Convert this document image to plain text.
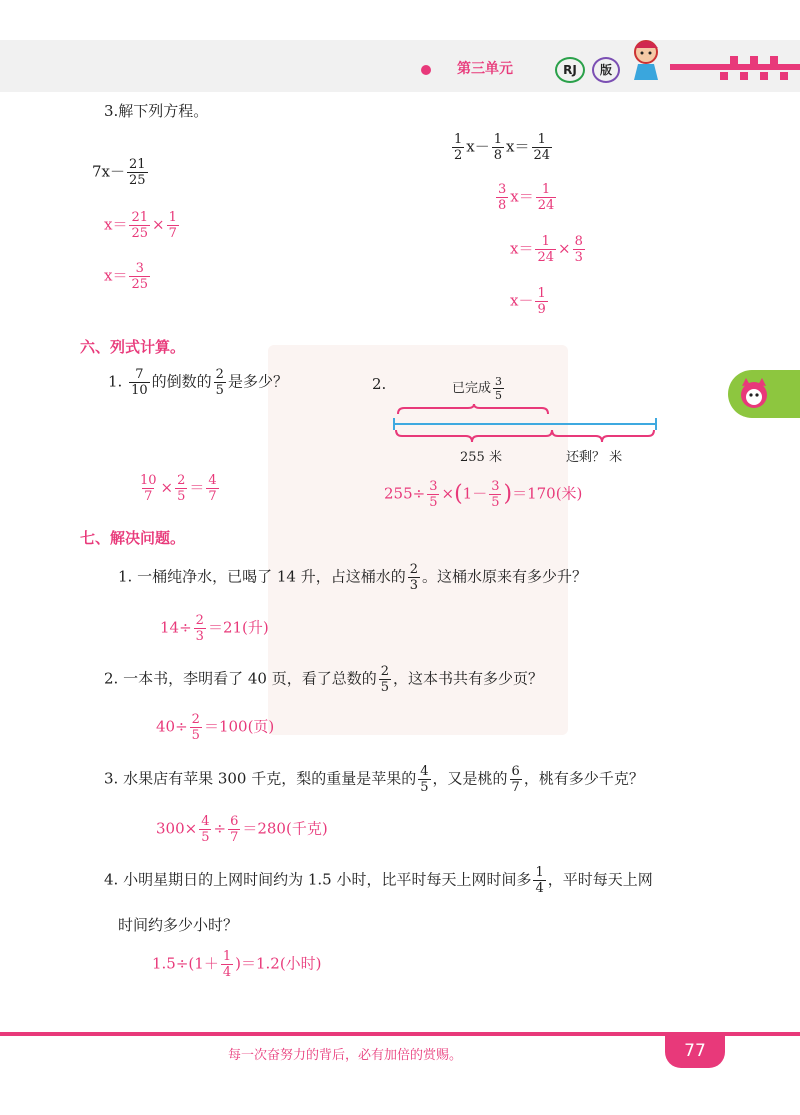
第三单元	RJ	版
3.解下列方程。
$7x- \frac{21}{25}$
$x= \frac{21}{25} \times \frac{1}{7}$
$x= \frac{3}{25}$
$\frac{1}{2} x- \frac{1}{8} x= \frac{1}{24}$
$\frac{3}{8} x= \frac{1}{24}$
$x= \frac{1}{24} \times \frac{8}{3}$
$x- \frac{1}{9}$
六、列式计算。
1. $\frac{7}{10}$ 的倒数的 $\frac{2}{5}$ 是多少？
$\frac{10}{7} \times \frac{2}{5} = \frac{4}{7}$
2.	已完成 $\frac{3}{5}$
255 米	还剩？ 米
$255\div \frac{3}{5} \times(1- \frac{3}{5} )=170$(米)
七、解决问题。
1. 一桶纯净水，已喝了 14 升，占这桶水的 $\frac{2}{3}$ 。这桶水原来有多少升？
$14\div \frac{2}{3} =21$(升)
2. 一本书，李明看了 40 页，看了总数的 $\frac{2}{5}$ ，这本书共有多少页？
$40\div \frac{2}{5} =100$(页)
3. 水果店有苹果 300 千克，梨的重量是苹果的 $\frac{4}{5}$ ，又是桃的 $\frac{6}{7}$ ，桃有多少千克？
$300\times \frac{4}{5} \div \frac{6}{7} =280$(千克)
4. 小明星期日的上网时间约为 1.5 小时，比平时每天上网时间多 $\frac{1}{4}$ ，平时每天上网
时间约多少小时？
$1.5\div(1+ \frac{1}{4} )=1.2$(小时)
每一次奋努力的背后，必有加倍的赏赐。	77
